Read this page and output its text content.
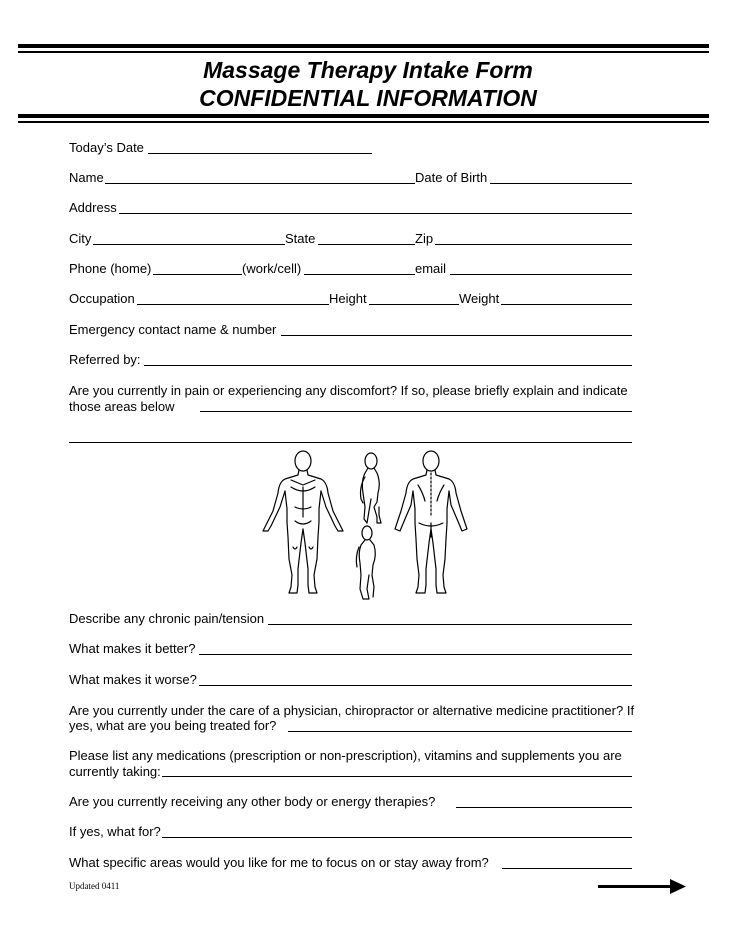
Massage Therapy Intake Form
CONFIDENTIAL INFORMATION
Today’s Date
Name	Date of Birth
Address
City	State	Zip
Phone (home)	(work/cell)	email
Occupation	Height	Weight
Emergency contact name & number
Referred by:
Are you currently in pain or experiencing any discomfort? If so, please briefly explain and indicate
those areas below
Describe any chronic pain/tension
What makes it better?
What makes it worse?
Are you currently under the care of a physician, chiropractor or alternative medicine practitioner? If
yes, what are you being treated for?
Please list any medications (prescription or non-prescription), vitamins and supplements you are
currently taking:
Are you currently receiving any other body or energy therapies?
If yes, what for?
What specific areas would you like for me to focus on or stay away from?
Updated 0411
